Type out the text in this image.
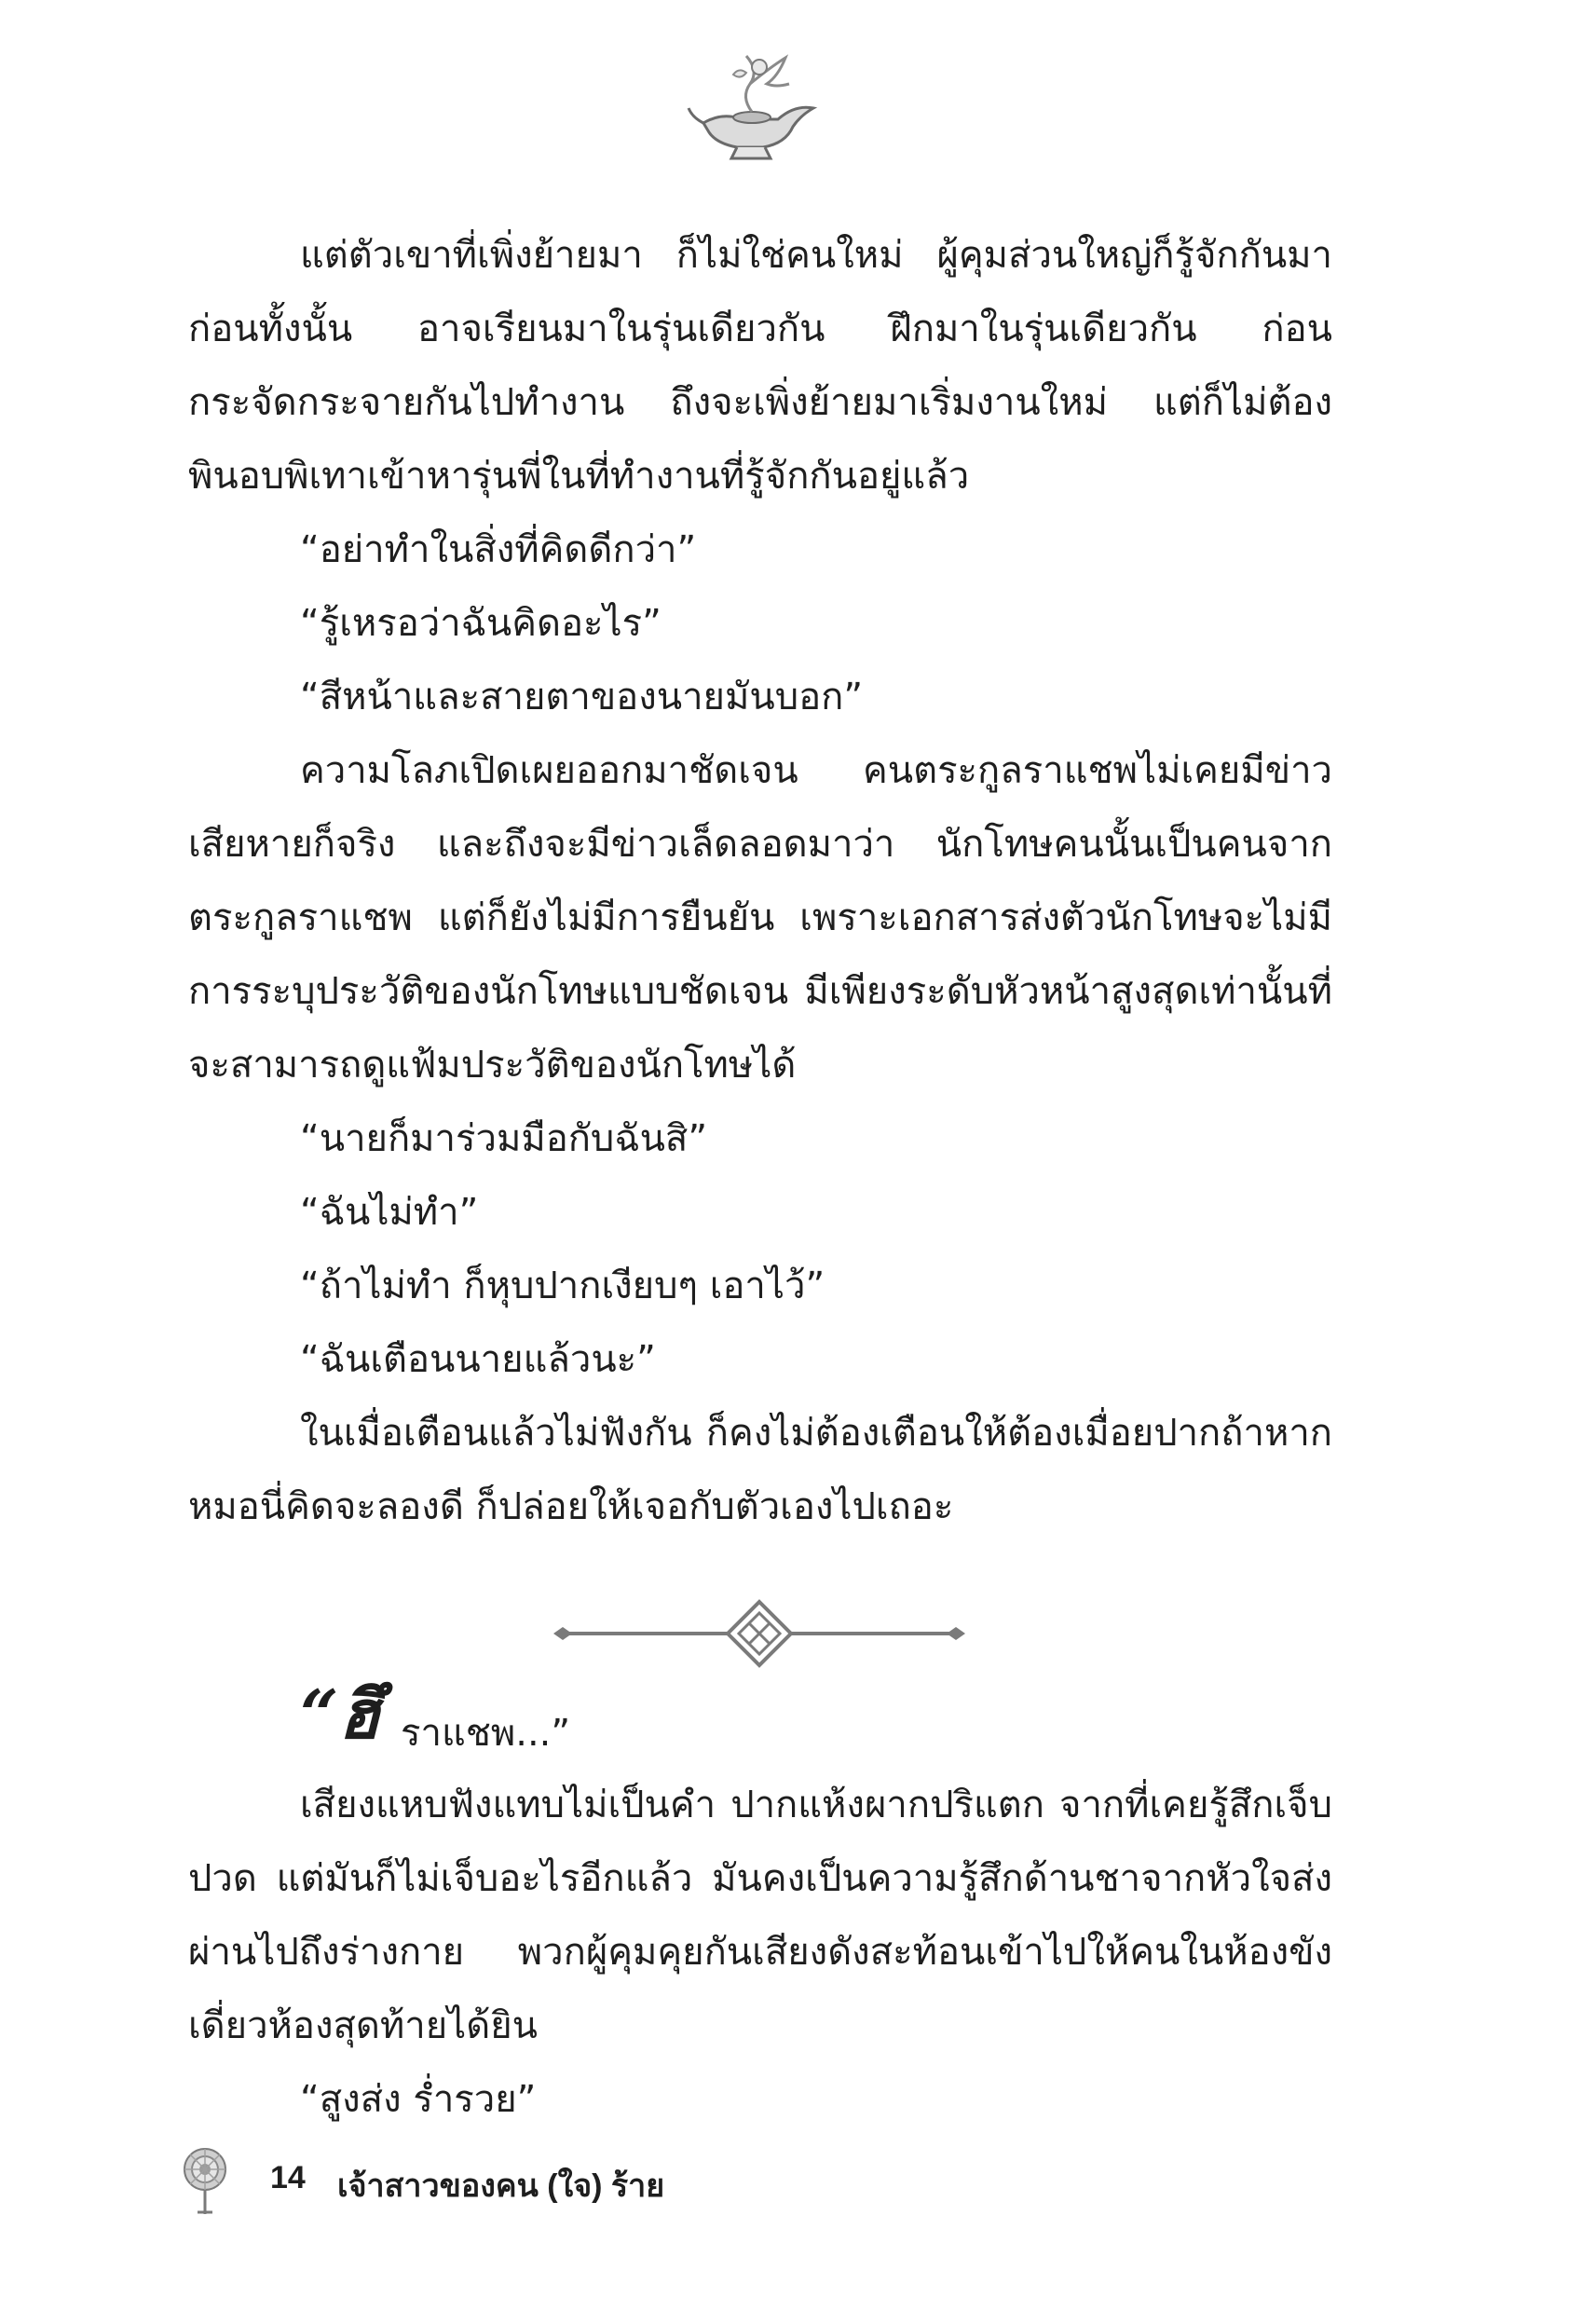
แต่ตัวเขาที่เพิ่งย้ายมา ก็ไม่ใช่คนใหม่ ผู้คุมส่วนใหญ่ก็รู้จักกันมาก่อนทั้งนั้น อาจเรียนมาในรุ่นเดียวกัน ฝึกมาในรุ่นเดียวกัน ก่อนกระจัดกระจายกันไปทำงาน ถึงจะเพิ่งย้ายมาเริ่มงานใหม่ แต่ก็ไม่ต้องพินอบพิเทาเข้าหารุ่นพี่ในที่ทำงานที่รู้จักกันอยู่แล้ว

“อย่าทำในสิ่งที่คิดดีกว่า”

“รู้เหรอว่าฉันคิดอะไร”

“สีหน้าและสายตาของนายมันบอก”

ความโลภเปิดเผยออกมาชัดเจน คนตระกูลราแชพไม่เคยมีข่าวเสียหายก็จริง และถึงจะมีข่าวเล็ดลอดมาว่า นักโทษคนนั้นเป็นคนจากตระกูลราแชพ แต่ก็ยังไม่มีการยืนยัน เพราะเอกสารส่งตัวนักโทษจะไม่มีการระบุประวัติของนักโทษแบบชัดเจน มีเพียงระดับหัวหน้าสูงสุดเท่านั้นที่จะสามารถดูแฟ้มประวัติของนักโทษได้

“นายก็มาร่วมมือกับฉันสิ”

“ฉันไม่ทำ”

“ถ้าไม่ทำ ก็หุบปากเงียบๆ เอาไว้”

“ฉันเตือนนายแล้วนะ”

ในเมื่อเตือนแล้วไม่ฟังกัน ก็คงไม่ต้องเตือนให้ต้องเมื่อยปากถ้าหากหมอนี่คิดจะลองดี ก็ปล่อยให้เจอกับตัวเองไปเถอะ

“ฮึ ราแชพ...”

เสียงแหบฟังแทบไม่เป็นคำ ปากแห้งผากปริแตก จากที่เคยรู้สึกเจ็บปวด แต่มันก็ไม่เจ็บอะไรอีกแล้ว มันคงเป็นความรู้สึกด้านชาจากหัวใจส่งผ่านไปถึงร่างกาย พวกผู้คุมคุยกันเสียงดังสะท้อนเข้าไปให้คนในห้องขังเดี่ยวห้องสุดท้ายได้ยิน

“สูงส่ง ร่ำรวย”

14 เจ้าสาวของคน (ใจ) ร้าย
